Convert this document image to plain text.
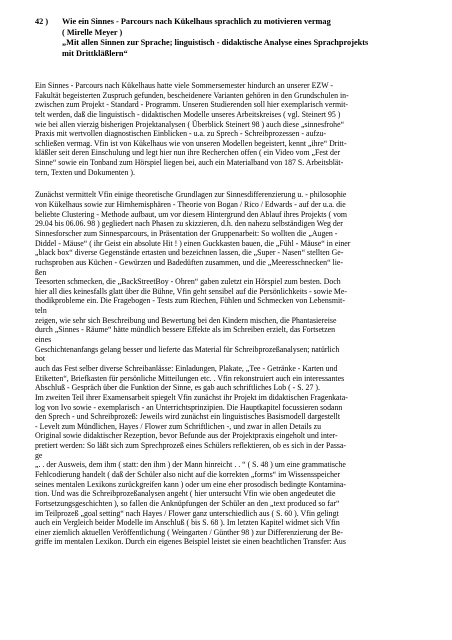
42 ) Wie ein Sinnes - Parcours nach Kükelhaus sprachlich zu motivieren vermag
( Mirelle Meyer )
„Mit allen Sinnen zur Sprache; linguistisch - didaktische Analyse eines Sprachprojekts
mit Drittkläßlern“
Ein Sinnes - Parcours nach Kükelhaus hatte viele Sommersemester hindurch an unserer EZW -
Fakultät begeisterten Zuspruch gefunden, bescheidenere Varianten gehören in den Grundschulen in-
zwischen zum Projekt - Standard - Programm. Unseren Studierenden soll hier exemplarisch vermit-
telt werden, daß die linguistisch - didaktischen Modelle unseres Arbeitskreises ( vgl. Steinert 95 )
wie bei allen vierzig bisherigen Projektanalysen ( Überblick Steinert 98 ) auch diese „sinnesfrohe“
Praxis mit wertvollen diagnostischen Einblicken - u.a. zu Sprech - Schreibprozessen - aufzu-
schließen vermag. Vfin ist von Kükelhaus wie von unseren Modellen begeistert, kennt „ihre“ Dritt-
kläßler seit deren Einschulung und legt hier nun ihre Recherchen offen ( ein Video vom „Fest der
Sinne“ sowie ein Tonband zum Hörspiel liegen bei, auch ein Materialband von 187 S. Arbeitsblät-
tern, Texten und Dokumenten ).
Zunächst vermittelt Vfin einige theoretische Grundlagen zur Sinnesdifferenzierung u. - philosophie
von Kükelhaus sowie zur Hirnhemisphären - Theorie von Bogan / Rico / Edwards - auf der u.a. die
beliebte Clustering - Methode aufbaut, um vor diesem Hintergrund den Ablauf ihres Projekts ( vom
29.04 bis 06.06. 98 ) gegliedert nach Phasen zu skizzieren, d.h. den nahezu selbständigen Weg der
Sinnesforscher zum Sinnesparcours, in Präsentation der Gruppenarbeit: So wollten die „Augen -
Diddel - Mäuse“ ( ihr Geist ein absolute Hit ! ) einen Guckkasten bauen, die „Fühl - Mäuse“ in einer
„black box“ diverse Gegenstände ertasten und bezeichnen lassen, die „Super - Nasen“ stellten Ge-
ruchsproben aus Küchen - Gewürzen und Badedüften zusammen, und die „Meeresschnecken“ lie-
ßen
Teesorten schmecken, die „BackStreetBoy - Ohren“ gaben zuletzt ein Hörspiel zum besten. Doch
hier all dies keinesfalls glatt über die Bühne, Vfin geht sensibel auf die Persönlichkeits - sowie Me-
thodikprobleme ein. Die Fragebogen - Tests zum Riechen, Fühlen und Schmecken von Lebensmit-
teln
zeigen, wie sehr sich Beschreibung und Bewertung bei den Kindern mischen, die Phantasiereise
durch „Sinnes - Räume“ hätte mündlich bessere Effekte als im Schreiben erzielt, das Fortsetzen
eines
Geschichtenanfangs gelang besser und lieferte das Material für Schreibprozeßanalysen; natürlich
bot
auch das Fest selber diverse Schreibanlässe: Einladungen, Plakate, „Tee - Getränke - Karten und
Etiketten“, Briefkasten für persönliche Mitteilungen etc. . Vfin rekonstruiert auch ein interessantes
Abschluß - Gespräch über die Funktion der Sinne, es gab auch schriftliches Lob ( - S. 27 ).
Im zweiten Teil ihrer Examensarbeit spiegelt Vfin zunächst ihr Projekt im didaktischen Fragenkata-
log von Ivo sowie - exemplarisch - an Unterrichtsprinzipien. Die Hauptkapitel focussieren sodann
den Sprech - und Schreibprozeß: Jeweils wird zunächst ein linguistisches Basismodell dargestellt
- Levelt zum Mündlichen, Hayes / Flower zum Schriftlichen -, und zwar in allen Details zu
Original sowie didaktischer Rezeption, bevor Befunde aus der Projektpraxis eingeholt und inter-
pretiert werden: So läßt sich zum Sprechprozeß eines Schülers reflektieren, ob es sich in der Passa-
ge
„. . der Ausweis, dem ihm ( statt: den ihm ) der Mann hinreicht . . “ ( S. 48 ) um eine grammatische
Fehlcodierung handelt ( daß der Schüler also nicht auf die korrekten „forms“ im Wissensspeicher
seines mentalen Lexikons zurückgreifen kann ) oder um eine eher prosodisch bedingte Kontamina-
tion. Und was die Schreibprozeßanalysen angeht ( hier untersucht Vfin wie oben angedeutet die
Fortsetzungsgeschichten ), so fallen die Anknüpfungen der Schüler an den „text produced so far“
im Teilprozeß „goal setting“ nach Hayes / Flower ganz unterschiedlich aus ( S. 60 ). Vfin gelingt
auch ein Vergleich beider Modelle im Anschluß ( bis S. 68 ). Im letzten Kapitel widmet sich Vfin
einer ziemlich aktuellen Veröffentlichung ( Weingarten / Günther 98 ) zur Differenzierung der Be-
griffe im mentalen Lexikon. Durch ein eigenes Beispiel leistet sie einen beachtlichen Transfer: Aus
